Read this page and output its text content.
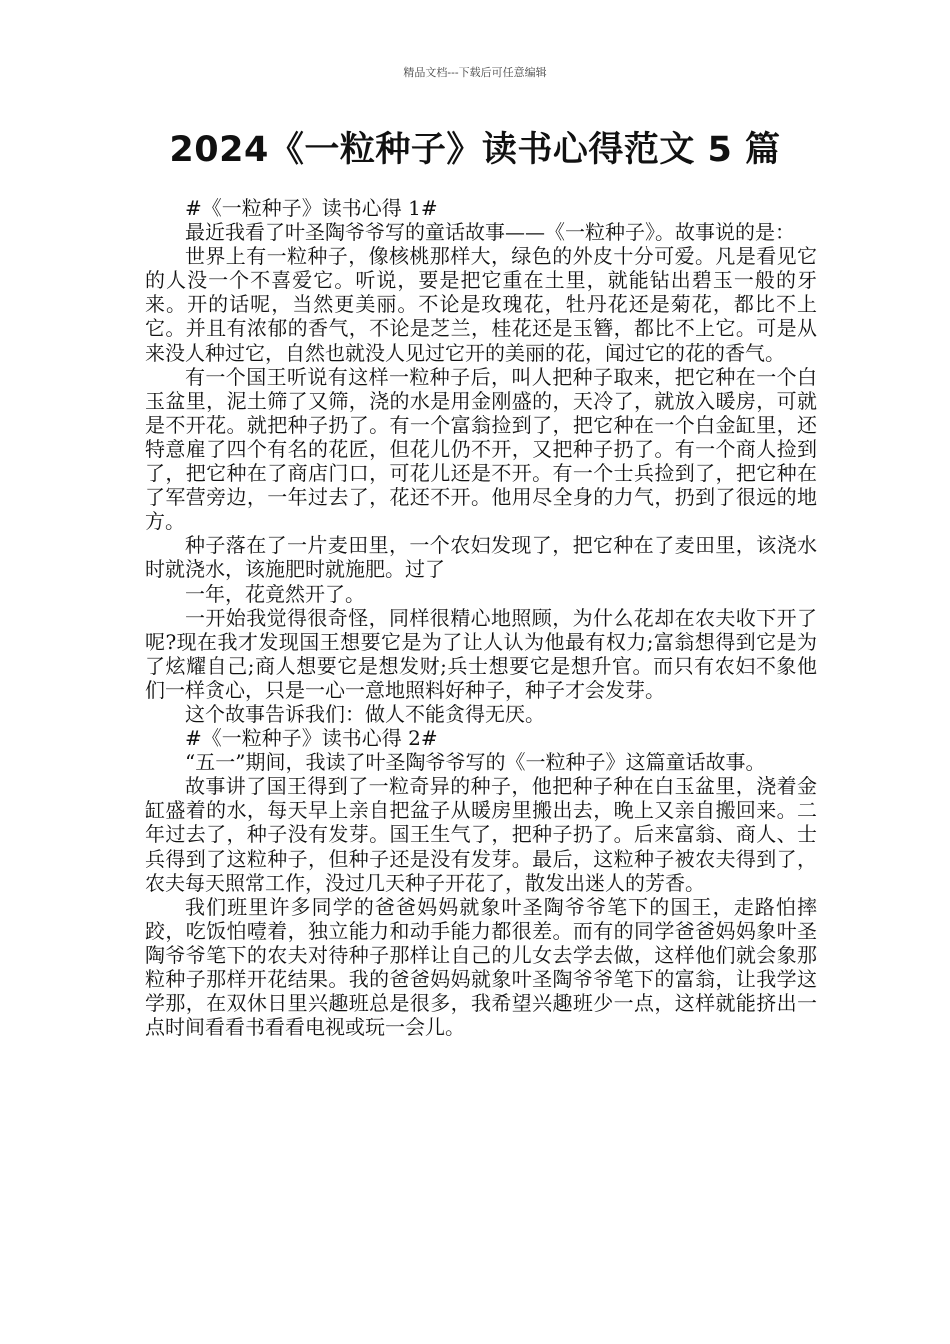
精品文档---下载后可任意编辑
2024《一粒种子》读书心得范文 5 篇

#《一粒种子》读书心得 1#

最近我看了叶圣陶爷爷写的童话故事——《一粒种子》。故事说的是：

世界上有一粒种子，像核桃那样大，绿色的外皮十分可爱。凡是看见它的人没一个不喜爱它。听说，要是把它重在土里，就能钻出碧玉一般的牙来。开的话呢，当然更美丽。不论是玫瑰花，牡丹花还是菊花，都比不上它。并且有浓郁的香气，不论是芝兰，桂花还是玉簪，都比不上它。可是从来没人种过它，自然也就没人见过它开的美丽的花，闻过它的花的香气。

有一个国王听说有这样一粒种子后，叫人把种子取来，把它种在一个白玉盆里，泥土筛了又筛，浇的水是用金刚盛的，天冷了，就放入暖房，可就是不开花。就把种子扔了。有一个富翁捡到了，把它种在一个白金缸里，还特意雇了四个有名的花匠，但花儿仍不开，又把种子扔了。有一个商人捡到了，把它种在了商店门口，可花儿还是不开。有一个士兵捡到了，把它种在了军营旁边，一年过去了，花还不开。他用尽全身的力气，扔到了很远的地方。

种子落在了一片麦田里，一个农妇发现了，把它种在了麦田里，该浇水时就浇水，该施肥时就施肥。过了

一年，花竟然开了。

一开始我觉得很奇怪，同样很精心地照顾，为什么花却在农夫收下开了呢?现在我才发现国王想要它是为了让人认为他最有权力;富翁想得到它是为了炫耀自己;商人想要它是想发财;兵士想要它是想升官。而只有农妇不象他们一样贪心，只是一心一意地照料好种子，种子才会发芽。

这个故事告诉我们：做人不能贪得无厌。

#《一粒种子》读书心得 2#

“五一”期间，我读了叶圣陶爷爷写的《一粒种子》这篇童话故事。

故事讲了国王得到了一粒奇异的种子，他把种子种在白玉盆里，浇着金缸盛着的水，每天早上亲自把盆子从暖房里搬出去，晚上又亲自搬回来。二年过去了，种子没有发芽。国王生气了，把种子扔了。后来富翁、商人、士兵得到了这粒种子，但种子还是没有发芽。最后，这粒种子被农夫得到了，农夫每天照常工作，没过几天种子开花了，散发出迷人的芳香。

我们班里许多同学的爸爸妈妈就象叶圣陶爷爷笔下的国王，走路怕摔跤，吃饭怕噎着，独立能力和动手能力都很差。而有的同学爸爸妈妈象叶圣陶爷爷笔下的农夫对待种子那样让自己的儿女去学去做，这样他们就会象那粒种子那样开花结果。我的爸爸妈妈就象叶圣陶爷爷笔下的富翁，让我学这学那，在双休日里兴趣班总是很多，我希望兴趣班少一点，这样就能挤出一点时间看看书看看电视或玩一会儿。
